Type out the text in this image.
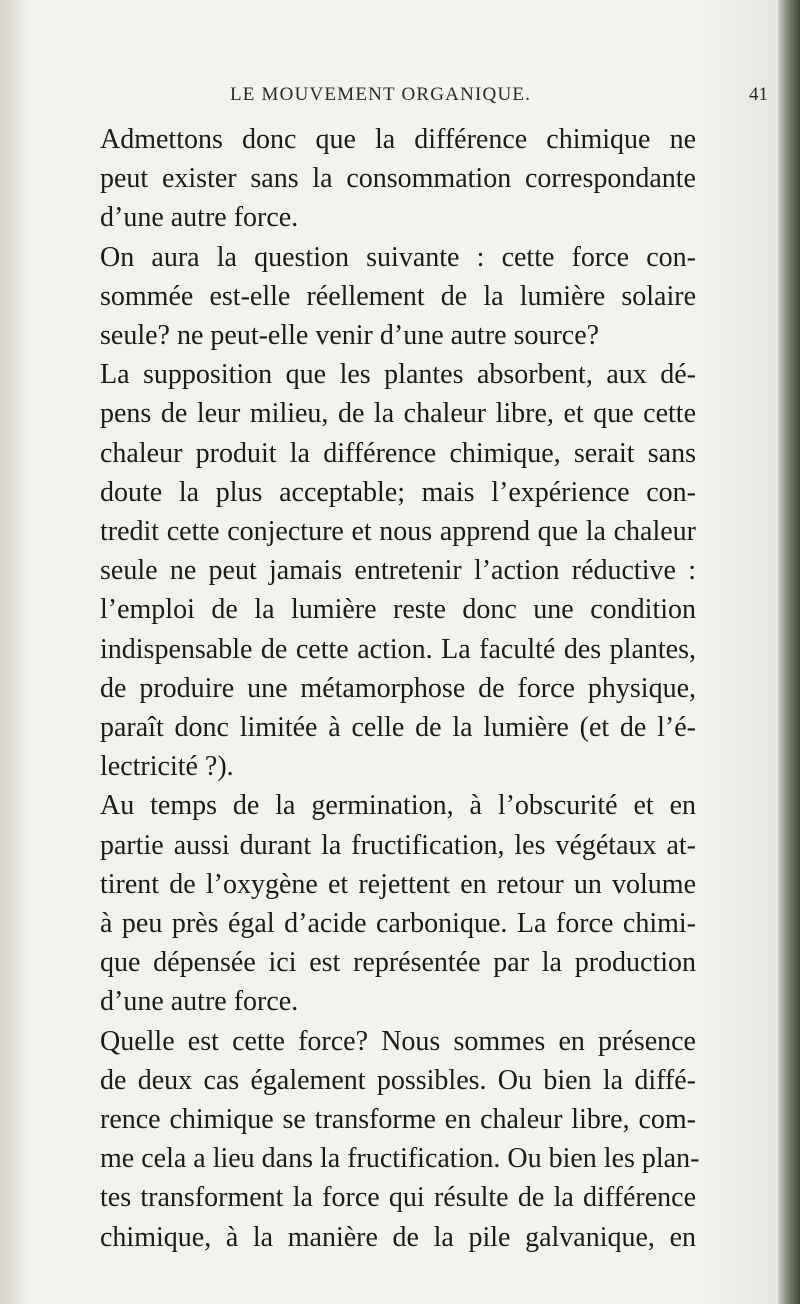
LE MOUVEMENT ORGANIQUE.	41

Admettons donc que la différence chimique ne
peut exister sans la consommation correspondante
d’une autre force.

On aura la question suivante : cette force con-
sommée est-elle réellement de la lumière solaire
seule? ne peut-elle venir d’une autre source?

La supposition que les plantes absorbent, aux dé-
pens de leur milieu, de la chaleur libre, et que cette
chaleur produit la différence chimique, serait sans
doute la plus acceptable; mais l’expérience con-
tredit cette conjecture et nous apprend que la chaleur
seule ne peut jamais entretenir l’action réductive :
l’emploi de la lumière reste donc une condition
indispensable de cette action. La faculté des plantes,
de produire une métamorphose de force physique,
paraît donc limitée à celle de la lumière (et de l’é-
lectricité ?).

Au temps de la germination, à l’obscurité et en
partie aussi durant la fructification, les végétaux at-
tirent de l’oxygène et rejettent en retour un volume
à peu près égal d’acide carbonique. La force chimi-
que dépensée ici est représentée par la production
d’une autre force.

Quelle est cette force? Nous sommes en présence
de deux cas également possibles. Ou bien la diffé-
rence chimique se transforme en chaleur libre, com-
me cela a lieu dans la fructification. Ou bien les plan-
tes transforment la force qui résulte de la différence
chimique, à la manière de la pile galvanique, en
